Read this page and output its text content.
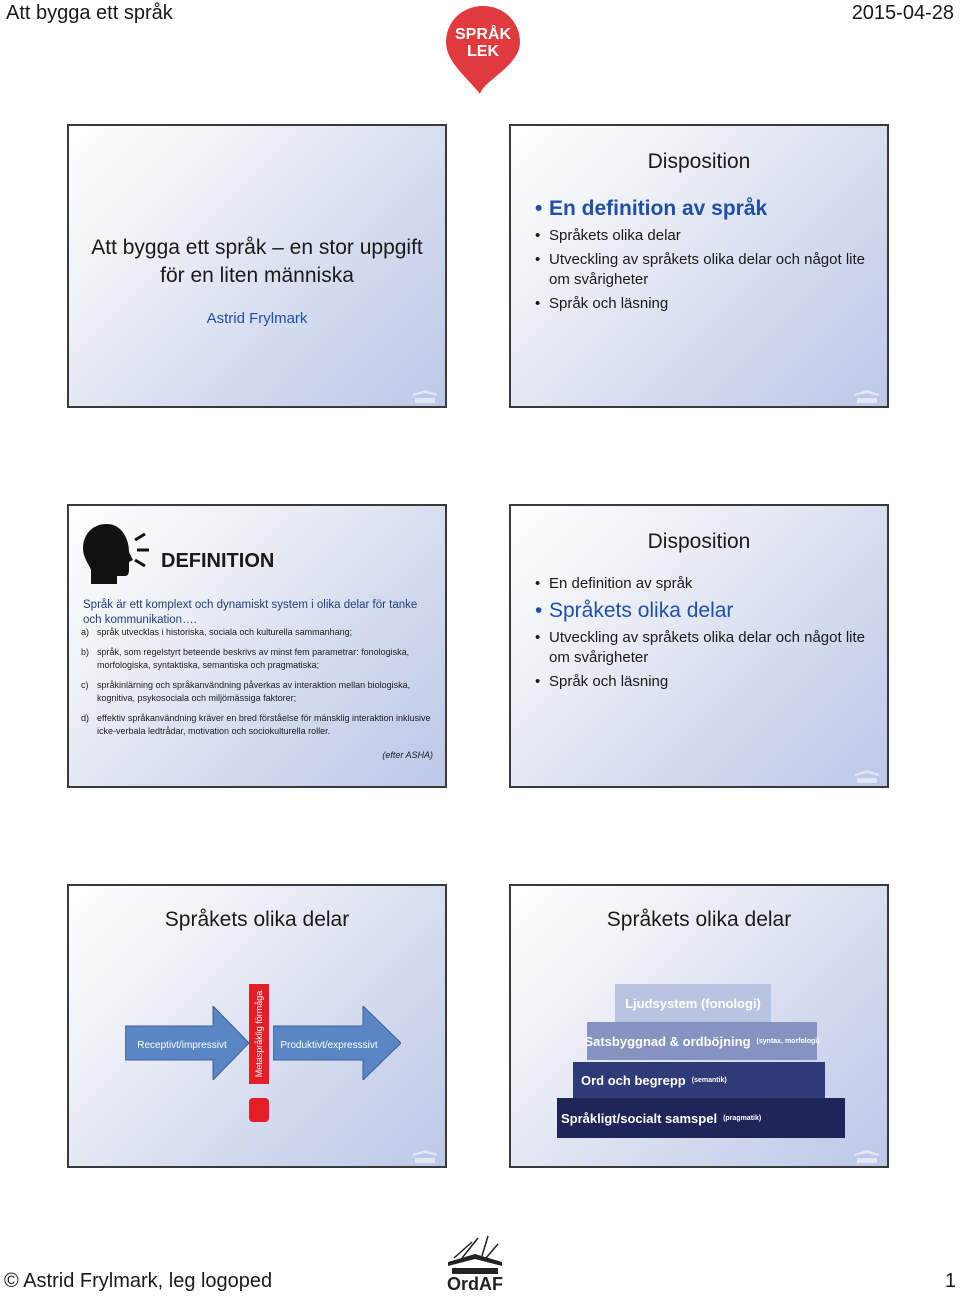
Att bygga ett språk
SPRÅK LEK
2015-04-28
Att bygga ett språk – en stor uppgift för en liten människa
Astrid Frylmark
Disposition
• En definition av språk
• Språkets olika delar
• Utveckling av språkets olika delar och något lite om svårigheter
• Språk och läsning
DEFINITION
Språk är ett komplext och dynamiskt system i olika delar för tanke och kommunikation….
a) språk utvecklas i historiska, sociala och kulturella sammanhang;
b) språk, som regelstyrt beteende beskrivs av minst fem parametrar: fonologiska, morfologiska, syntaktiska, semantiska och pragmatiska;
c) språkinlärning och språkanvändning påverkas av interaktion mellan biologiska, kognitiva, psykosociala och miljömässiga faktorer;
d) effektiv språkanvändning kräver en bred förståelse för mänsklig interaktion inklusive icke-verbala ledtrådar, motivation och sociokulturella roller.
(efter ASHA)
Disposition
• En definition av språk
• Språkets olika delar
• Utveckling av språkets olika delar och något lite om svårigheter
• Språk och läsning
Språkets olika delar
Receptivt/impressivt	Metaspråklig förmåga	Produktivt/expresssivt
Språkets olika delar
Ljudsystem (fonologi)
Satsbyggnad & ordböjning (syntax, morfologi)
Ord och begrepp (semantik)
Språkligt/socialt samspel (pragmatik)
© Astrid Frylmark, leg logoped	OrdAF	1
